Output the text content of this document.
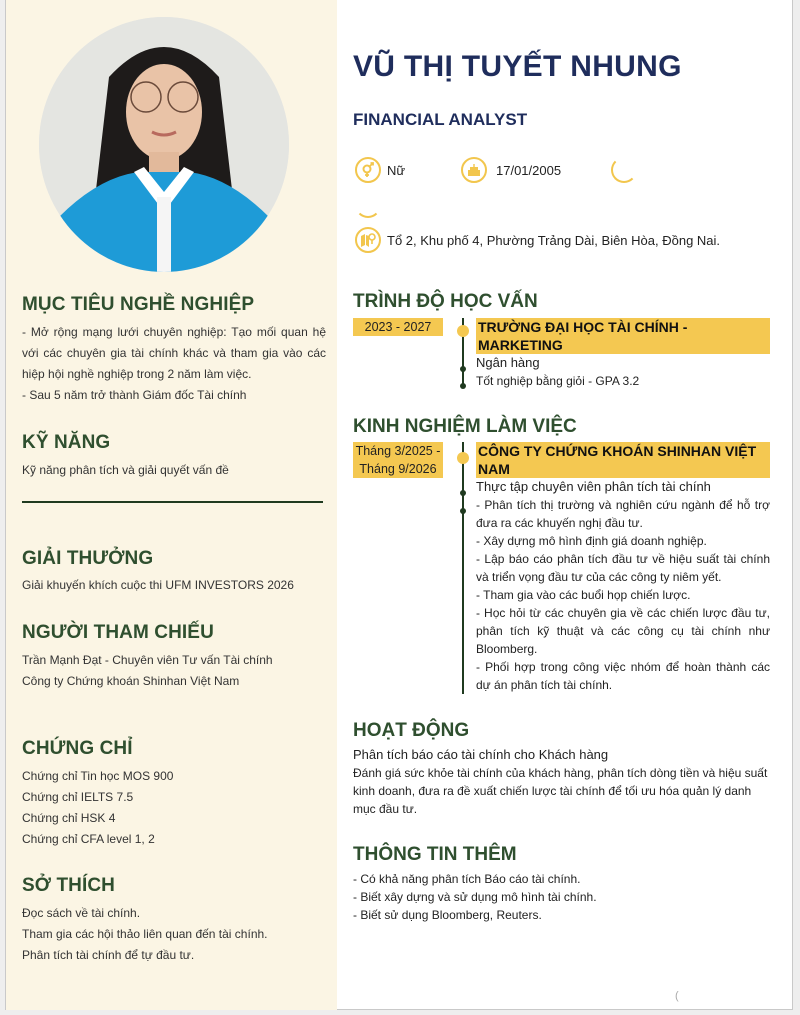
MỤC TIÊU NGHỀ NGHIỆP
- Mở rộng mạng lưới chuyên nghiệp: Tạo mối quan hệ với các chuyên gia tài chính khác và tham gia vào các hiệp hội nghề nghiệp trong 2 năm làm việc.
- Sau 5 năm trở thành Giám đốc Tài chính
KỸ NĂNG
Kỹ năng phân tích và giải quyết vấn đề
GIẢI THƯỞNG
Giải khuyến khích cuộc thi UFM INVESTORS 2026
NGƯỜI THAM CHIẾU
Trần Mạnh Đạt - Chuyên viên Tư vấn Tài chính
Công ty Chứng khoán Shinhan Việt Nam
CHỨNG CHỈ
Chứng chỉ Tin học MOS 900
Chứng chỉ IELTS 7.5
Chứng chỉ HSK 4
Chứng chỉ CFA level 1, 2
SỞ THÍCH
Đọc sách về tài chính.
Tham gia các hội thảo liên quan đến tài chính.
Phân tích tài chính để tự đầu tư.
VŨ THỊ TUYẾT NHUNG
FINANCIAL ANALYST
Nữ	17/01/2005
Tổ 2, Khu phố 4, Phường Trảng Dài, Biên Hòa, Đồng Nai.
TRÌNH ĐỘ HỌC VẤN
2023 - 2027	TRƯỜNG ĐẠI HỌC TÀI CHÍNH - MARKETING
Ngân hàng
Tốt nghiệp bằng giỏi - GPA 3.2
KINH NGHIỆM LÀM VIỆC
Tháng 3/2025 - Tháng 9/2026
CÔNG TY CHỨNG KHOÁN SHINHAN VIỆT NAM
Thực tập chuyên viên phân tích tài chính
- Phân tích thị trường và nghiên cứu ngành để hỗ trợ đưa ra các khuyến nghị đầu tư.
- Xây dựng mô hình định giá doanh nghiệp.
- Lập báo cáo phân tích đầu tư về hiệu suất tài chính và triển vọng đầu tư của các công ty niêm yết.
- Tham gia vào các buổi họp chiến lược.
- Học hỏi từ các chuyên gia về các chiến lược đầu tư, phân tích kỹ thuật và các công cụ tài chính như Bloomberg.
- Phối hợp trong công việc nhóm để hoàn thành các dự án phân tích tài chính.
HOẠT ĐỘNG
Phân tích báo cáo tài chính cho Khách hàng
Đánh giá sức khỏe tài chính của khách hàng, phân tích dòng tiền và hiệu suất kinh doanh, đưa ra đề xuất chiến lược tài chính để tối ưu hóa quản lý danh mục đầu tư.
THÔNG TIN THÊM
- Có khả năng phân tích Báo cáo tài chính.
- Biết xây dựng và sử dụng mô hình tài chính.
- Biết sử dụng Bloomberg, Reuters.
(
